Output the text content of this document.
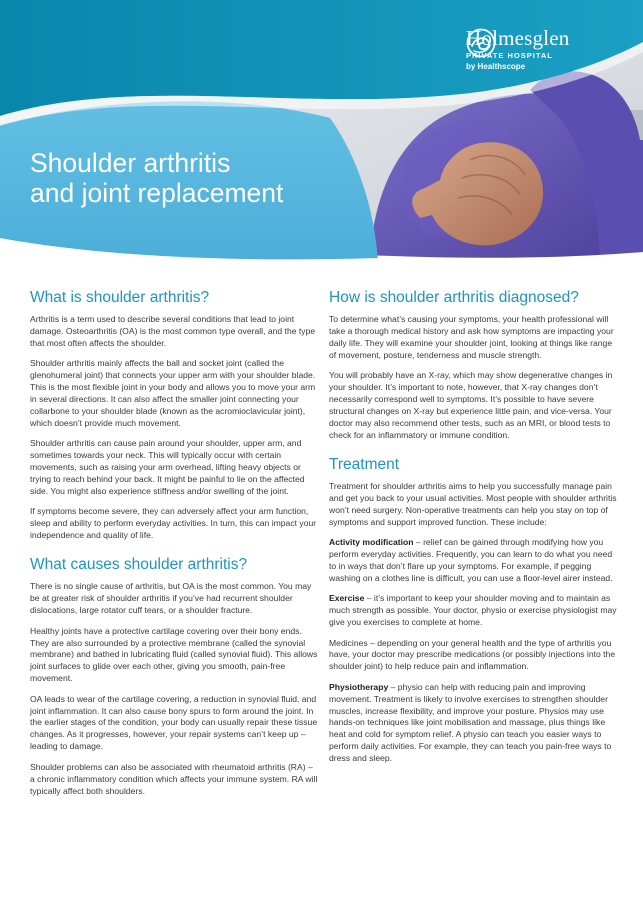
Holmesglen
PRIVATE HOSPITAL
by Healthscope
Shoulder arthritis
and joint replacement
What is shoulder arthritis?

Arthritis is a term used to describe several conditions that lead to joint damage. Osteoarthritis (OA) is the most common type overall, and the type that most often affects the shoulder.

Shoulder arthritis mainly affects the ball and socket joint (called the glenohumeral joint) that connects your upper arm with your shoulder blade. This is the most flexible joint in your body and allows you to move your arm in several directions. It can also affect the smaller joint connecting your collarbone to your shoulder blade (known as the acromioclavicular joint), which doesn’t provide much movement.

Shoulder arthritis can cause pain around your shoulder, upper arm, and sometimes towards your neck. This will typically occur with certain movements, such as raising your arm overhead, lifting heavy objects or trying to reach behind your back. It might be painful to lie on the affected side. You might also experience stiffness and/or swelling of the joint.

If symptoms become severe, they can adversely affect your arm function, sleep and ability to perform everyday activities. In turn, this can impact your independence and quality of life.

What causes shoulder arthritis?

There is no single cause of arthritis, but OA is the most common. You may be at greater risk of shoulder arthritis if you’ve had recurrent shoulder dislocations, large rotator cuff tears, or a shoulder fracture.

Healthy joints have a protective cartilage covering over their bony ends. They are also surrounded by a protective membrane (called the synovial membrane) and bathed in lubricating fluid (called synovial fluid). This allows joint surfaces to glide over each other, giving you smooth, pain-free movement.

OA leads to wear of the cartilage covering, a reduction in synovial fluid, and joint inflammation. It can also cause bony spurs to form around the joint. In the earlier stages of the condition, your body can usually repair these tissue changes. As it progresses, however, your repair systems can’t keep up – leading to damage.

Shoulder problems can also be associated with rheumatoid arthritis (RA) – a chronic inflammatory condition which affects your immune system. RA will typically affect both shoulders.

How is shoulder arthritis diagnosed?

To determine what’s causing your symptoms, your health professional will take a thorough medical history and ask how symptoms are impacting your daily life. They will examine your shoulder joint, looking at things like range of movement, posture, tenderness and muscle strength.

You will probably have an X-ray, which may show degenerative changes in your shoulder. It’s important to note, however, that X-ray changes don’t necessarily correspond well to symptoms. It’s possible to have severe structural changes on X-ray but experience little pain, and vice-versa. Your doctor may also recommend other tests, such as an MRI, or blood tests to check for an inflammatory or immune condition.

Treatment

Treatment for shoulder arthritis aims to help you successfully manage pain and get you back to your usual activities. Most people with shoulder arthritis won’t need surgery. Non-operative treatments can help you stay on top of symptoms and support improved function. These include:

Activity modification – relief can be gained through modifying how you perform everyday activities. Frequently, you can learn to do what you need to in ways that don’t flare up your symptoms. For example, if pegging washing on a clothes line is difficult, you can use a floor-level airer instead.

Exercise – it’s important to keep your shoulder moving and to maintain as much strength as possible. Your doctor, physio or exercise physiologist may give you exercises to complete at home.

Medicines – depending on your general health and the type of arthritis you have, your doctor may prescribe medications (or possibly injections into the shoulder joint) to help reduce pain and inflammation.

Physiotherapy – physio can help with reducing pain and improving movement. Treatment is likely to involve exercises to strengthen shoulder muscles, increase flexibility, and improve your posture. Physios may use hands-on techniques like joint mobilisation and massage, plus things like heat and cold for symptom relief. A physio can teach you easier ways to perform daily activities. For example, they can teach you pain-free ways to dress and sleep.
